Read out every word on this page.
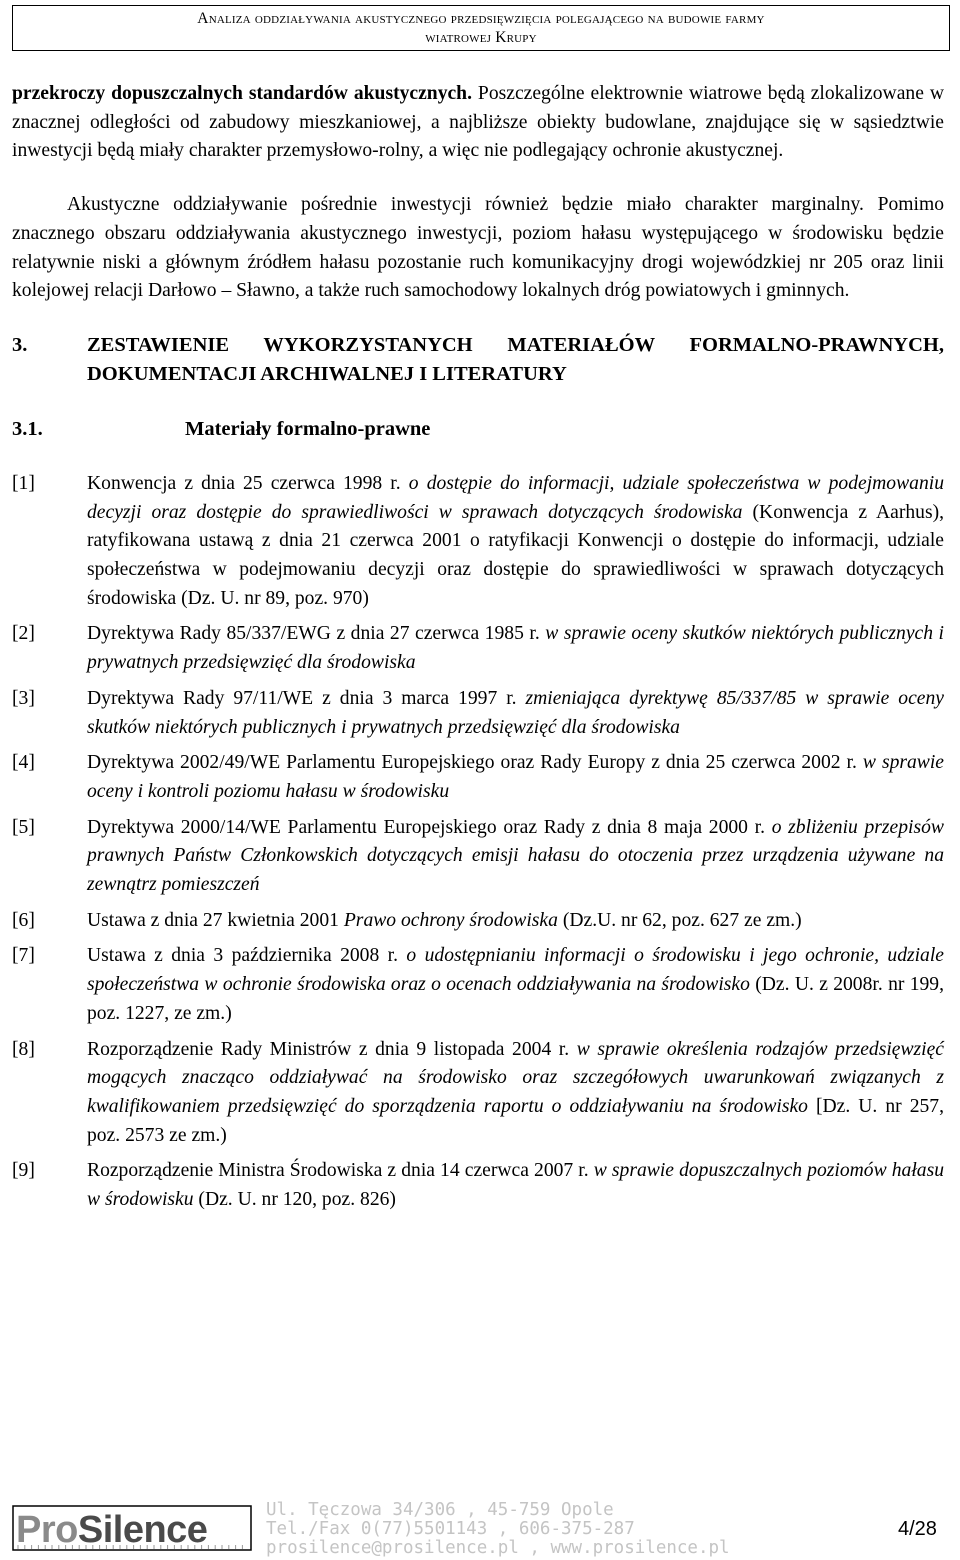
Analiza oddziaływania akustycznego przedsięwzięcia polegającego na budowie farmy
wiatrowej Krupy

przekroczy dopuszczalnych standardów akustycznych. Poszczególne elektrownie wiatrowe będą zlokalizowane w znacznej odległości od zabudowy mieszkaniowej, a najbliższe obiekty budowlane, znajdujące się w sąsiedztwie inwestycji będą miały charakter przemysłowo-rolny, a więc nie podlegający ochronie akustycznej.

Akustyczne oddziaływanie pośrednie inwestycji również będzie miało charakter marginalny. Pomimo znacznego obszaru oddziaływania akustycznego inwestycji, poziom hałasu występującego w środowisku będzie relatywnie niski a głównym źródłem hałasu pozostanie ruch komunikacyjny drogi wojewódzkiej nr 205 oraz linii kolejowej relacji Darłowo – Sławno, a także ruch samochodowy lokalnych dróg powiatowych i gminnych.

3.	ZESTAWIENIE WYKORZYSTANYCH MATERIAŁÓW FORMALNO-PRAWNYCH, DOKUMENTACJI ARCHIWALNEJ I LITERATURY
3.1.	Materiały formalno-prawne
[1]	Konwencja z dnia 25 czerwca 1998 r. o dostępie do informacji, udziale społeczeństwa w podejmowaniu decyzji oraz dostępie do sprawiedliwości w sprawach dotyczących środowiska (Konwencja z Aarhus), ratyfikowana ustawą z dnia 21 czerwca 2001 o ratyfikacji Konwencji o dostępie do informacji, udziale społeczeństwa w podejmowaniu decyzji oraz dostępie do sprawiedliwości w sprawach dotyczących środowiska (Dz. U. nr 89, poz. 970)
[2]	Dyrektywa Rady 85/337/EWG z dnia 27 czerwca 1985 r. w sprawie oceny skutków niektórych publicznych i prywatnych przedsięwzięć dla środowiska
[3]	Dyrektywa Rady 97/11/WE z dnia 3 marca 1997 r. zmieniająca dyrektywę 85/337/85 w sprawie oceny skutków niektórych publicznych i prywatnych przedsięwzięć dla środowiska
[4]	Dyrektywa 2002/49/WE Parlamentu Europejskiego oraz Rady Europy z dnia 25 czerwca 2002 r. w sprawie oceny i kontroli poziomu hałasu w środowisku
[5]	Dyrektywa 2000/14/WE Parlamentu Europejskiego oraz Rady z dnia 8 maja 2000 r. o zbliżeniu przepisów prawnych Państw Członkowskich dotyczących emisji hałasu do otoczenia przez urządzenia używane na zewnątrz pomieszczeń
[6]	Ustawa z dnia 27 kwietnia 2001 Prawo ochrony środowiska (Dz.U. nr 62, poz. 627 ze zm.)
[7]	Ustawa z dnia 3 października 2008 r. o udostępnianiu informacji o środowisku i jego ochronie, udziale społeczeństwa w ochronie środowiska oraz o ocenach oddziaływania na środowisko (Dz. U. z 2008r. nr 199, poz. 1227, ze zm.)
[8]	Rozporządzenie Rady Ministrów z dnia 9 listopada 2004 r. w sprawie określenia rodzajów przedsięwzięć mogących znacząco oddziaływać na środowisko oraz szczegółowych uwarunkowań związanych z kwalifikowaniem przedsięwzięć do sporządzenia raportu o oddziaływaniu na środowisko [Dz. U. nr 257, poz. 2573 ze zm.)
[9]	Rozporządzenie Ministra Środowiska z dnia 14 czerwca 2007 r. w sprawie dopuszczalnych poziomów hałasu w środowisku (Dz. U. nr 120, poz. 826)
ProSilence	Ul. Tęczowa 34/306 , 45-759 Opole
Tel./Fax 0(77)5501143 , 606-375-287
prosilence@prosilence.pl , www.prosilence.pl
4/28
